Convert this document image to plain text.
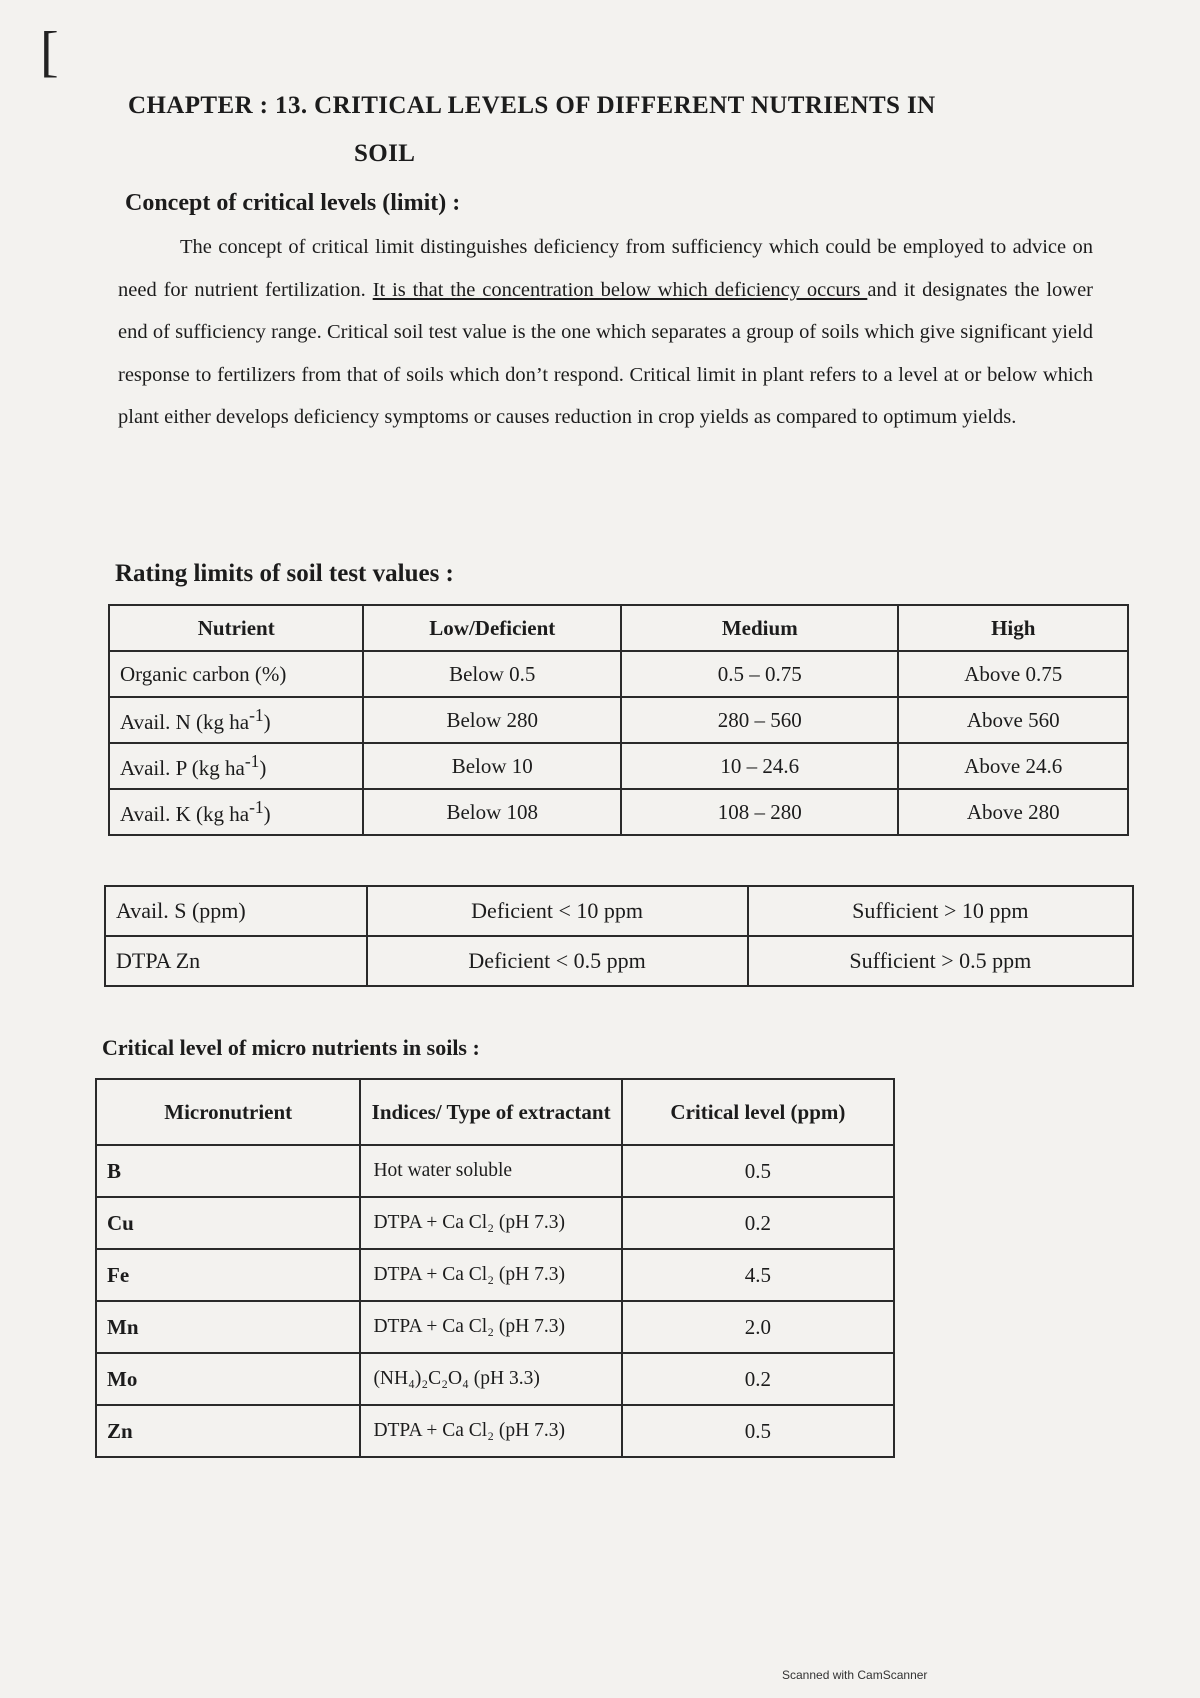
[
CHAPTER : 13. CRITICAL LEVELS OF DIFFERENT NUTRIENTS IN
SOIL
Concept of critical levels (limit) :

The concept of critical limit distinguishes deficiency from sufficiency which could be employed to advice on need for nutrient fertilization. It is that the concentration below which deficiency occurs and it designates the lower end of sufficiency range. Critical soil test value is the one which separates a group of soils which give significant yield response to fertilizers from that of soils which don’t respond. Critical limit in plant refers to a level at or below which plant either develops deficiency symptoms or causes reduction in crop yields as compared to optimum yields.

Rating limits of soil test values :
Nutrient	Low/Deficient	Medium	High
Organic carbon (%)	Below 0.5	0.5 – 0.75	Above 0.75
Avail. N (kg $ha^{-1}$)	Below 280	280 – 560	Above 560
Avail. P (kg $ha^{-1}$)	Below 10	10 – 24.6	Above 24.6
Avail. K (kg $ha^{-1}$)	Below 108	108 – 280	Above 280
Avail. S (ppm)	Deficient < 10 ppm	Sufficient > 10 ppm
DTPA Zn	Deficient < 0.5 ppm	Sufficient > 0.5 ppm
Critical level of micro nutrients in soils :
Micronutrient	Indices/ Type of extractant	Critical level (ppm)
B	Hot water soluble	0.5
Cu	DTPA + Ca Cl₂ (pH 7.3)	0.2
Fe	DTPA + Ca Cl₂ (pH 7.3)	4.5
Mn	DTPA + Ca Cl₂ (pH 7.3)	2.0
Mo	(NH₄)₂C₂O₄ (pH 3.3)	0.2
Zn	DTPA + Ca Cl₂ (pH 7.3)	0.5
Scanned with CamScanner
